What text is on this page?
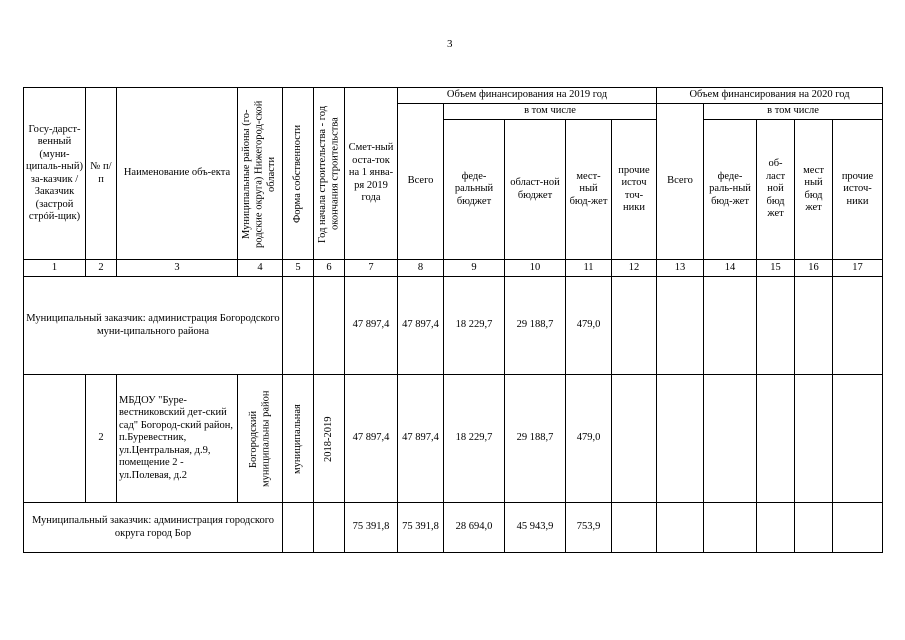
3
Госу-дарст-венный (муни-ципаль-ный) за-казчик / Заказчик (застрой стрóй-щик)	№ п/п	Наименование объ-екта	Муниципальные районы (го-родские округа) Нижегород-ской области	Форма собственности	Год начала строительства - год окончания строительства	Смет-ный оста-ток на 1 янва-ря 2019 года	Объем финансирования на 2019 год					Объем финансирования на 2020 год				
							Всего	в том числе				Всего	в том числе			
								феде-ральный бюджет	област-ной бюджет	мест-ный бюд-жет	прочие источ точ-ники		феде-раль-ный бюд-жет	об-ласт ной бюд жет	мест ный бюд жет	прочие источ-ники
1	2	3	4	5	6	7	8	9	10	11	12	13	14	15	16	17
Муниципальный заказчик: администрация Богородского муни-ципального района						47 897,4	47 897,4	18 229,7	29 188,7	479,0						
	2	МБДОУ "Буре-вестниковский дет-ский сад" Богород-ский район, п.Буревестник, ул.Центральная, д.9, помещение 2 - ул.Полевая, д.2	Богородский муниципальны район	муниципальная	2018-2019	47 897,4	47 897,4	18 229,7	29 188,7	479,0						
Муниципальный заказчик: администрация городского округа город Бор						75 391,8	75 391,8	28 694,0	45 943,9	753,9						
